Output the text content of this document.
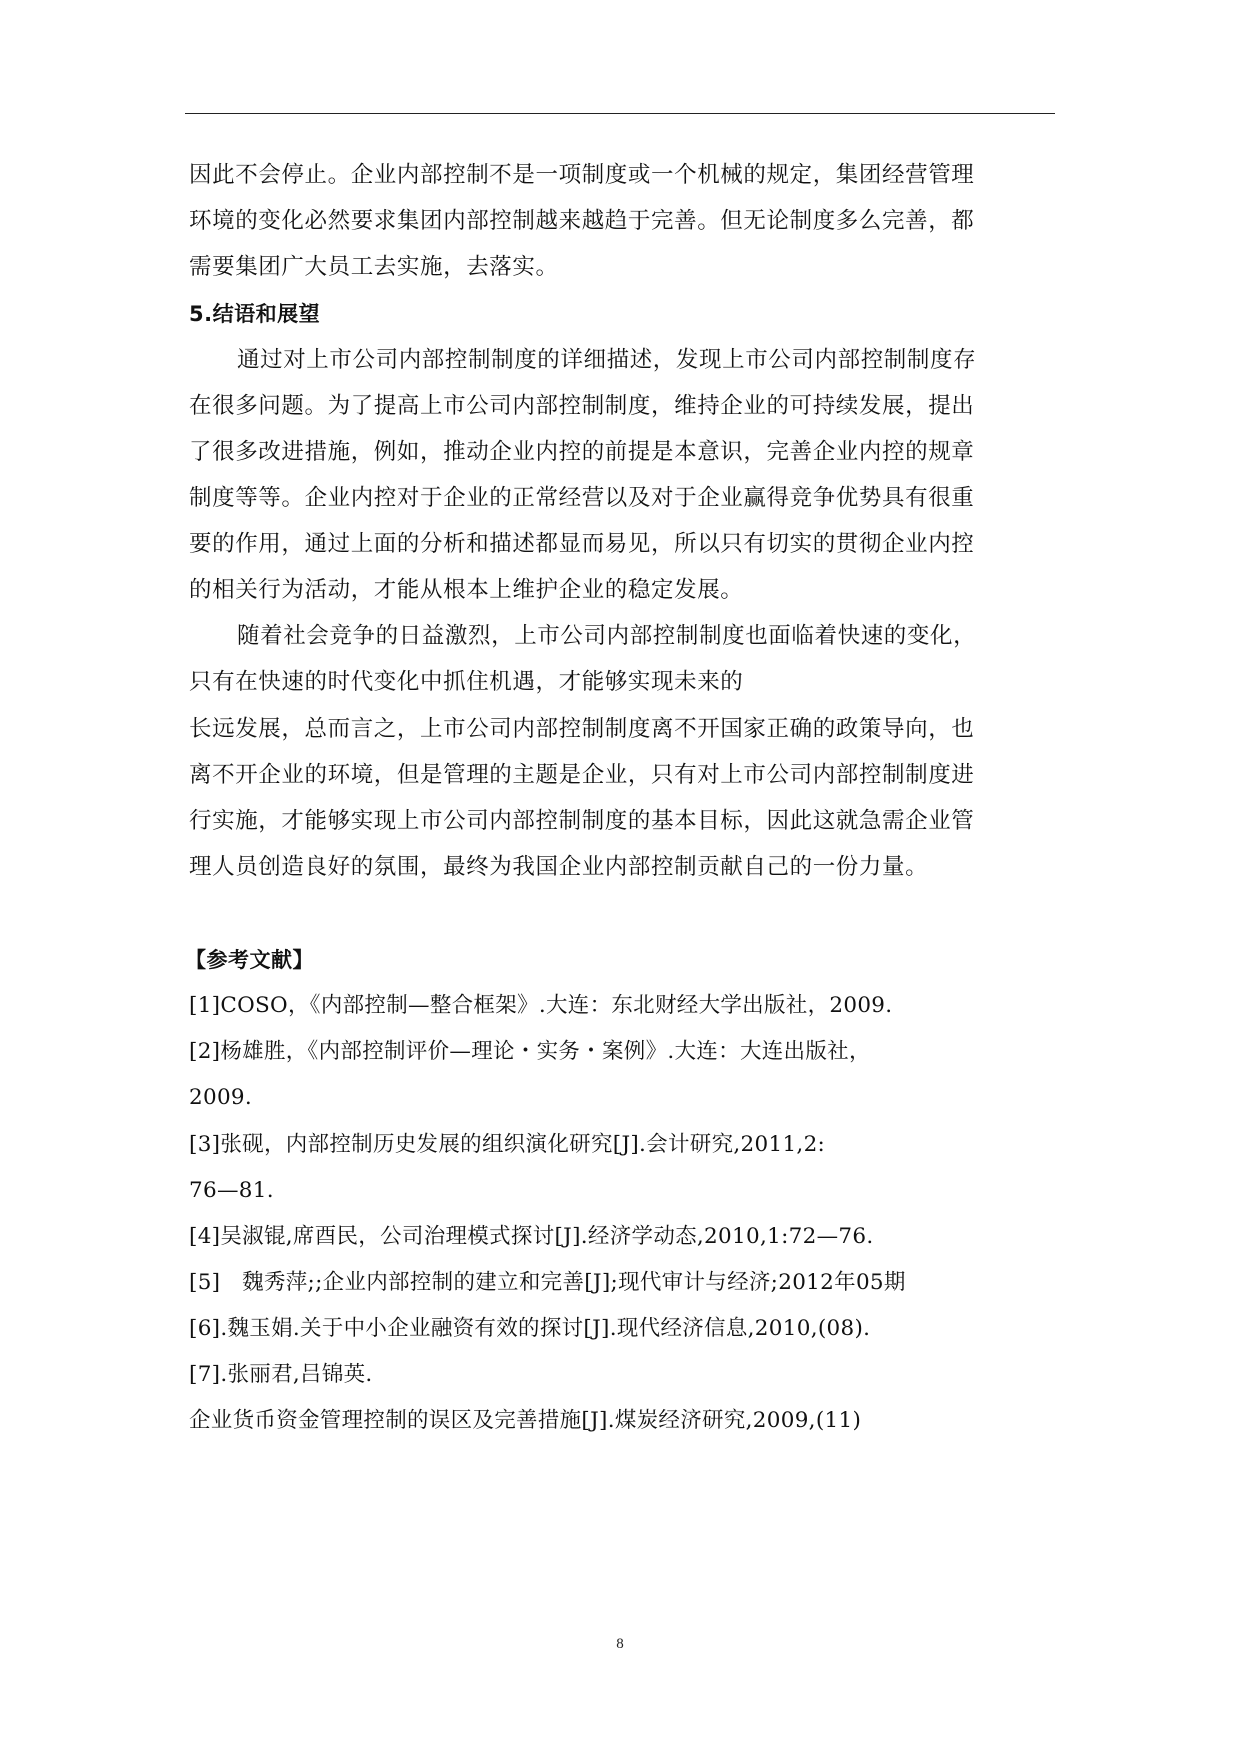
因此不会停止。企业内部控制不是一项制度或一个机械的规定，集团经营管理
环境的变化必然要求集团内部控制越来越趋于完善。但无论制度多么完善，都
需要集团广大员工去实施，去落实。
5.结语和展望
通过对上市公司内部控制制度的详细描述，发现上市公司内部控制制度存
在很多问题。为了提高上市公司内部控制制度，维持企业的可持续发展，提出
了很多改进措施，例如，推动企业内控的前提是本意识，完善企业内控的规章
制度等等。企业内控对于企业的正常经营以及对于企业赢得竞争优势具有很重
要的作用，通过上面的分析和描述都显而易见，所以只有切实的贯彻企业内控
的相关行为活动，才能从根本上维护企业的稳定发展。
随着社会竞争的日益激烈，上市公司内部控制制度也面临着快速的变化，
只有在快速的时代变化中抓住机遇，才能够实现未来的
长远发展，总而言之，上市公司内部控制制度离不开国家正确的政策导向，也
离不开企业的环境，但是管理的主题是企业，只有对上市公司内部控制制度进
行实施，才能够实现上市公司内部控制制度的基本目标，因此这就急需企业管
理人员创造良好的氛围，最终为我国企业内部控制贡献自己的一份力量。
【参考文献】
[1]COSO，《内部控制—整合框架》.大连：东北财经大学出版社，2009.
[2]杨雄胜，《内部控制评价—理论・实务・案例》.大连：大连出版社，
2009.
[3]张砚，内部控制历史发展的组织演化研究[J].会计研究,2011,2:
76—81.
[4]吴淑锟,席酉民，公司治理模式探讨[J].经济学动态,2010,1:72—76.
[5]　魏秀萍;;企业内部控制的建立和完善[J];现代审计与经济;2012年05期
[6].魏玉娟.关于中小企业融资有效的探讨[J].现代经济信息,2010,(08).
[7].张丽君,吕锦英.
企业货币资金管理控制的误区及完善措施[J].煤炭经济研究,2009,(11)
8
